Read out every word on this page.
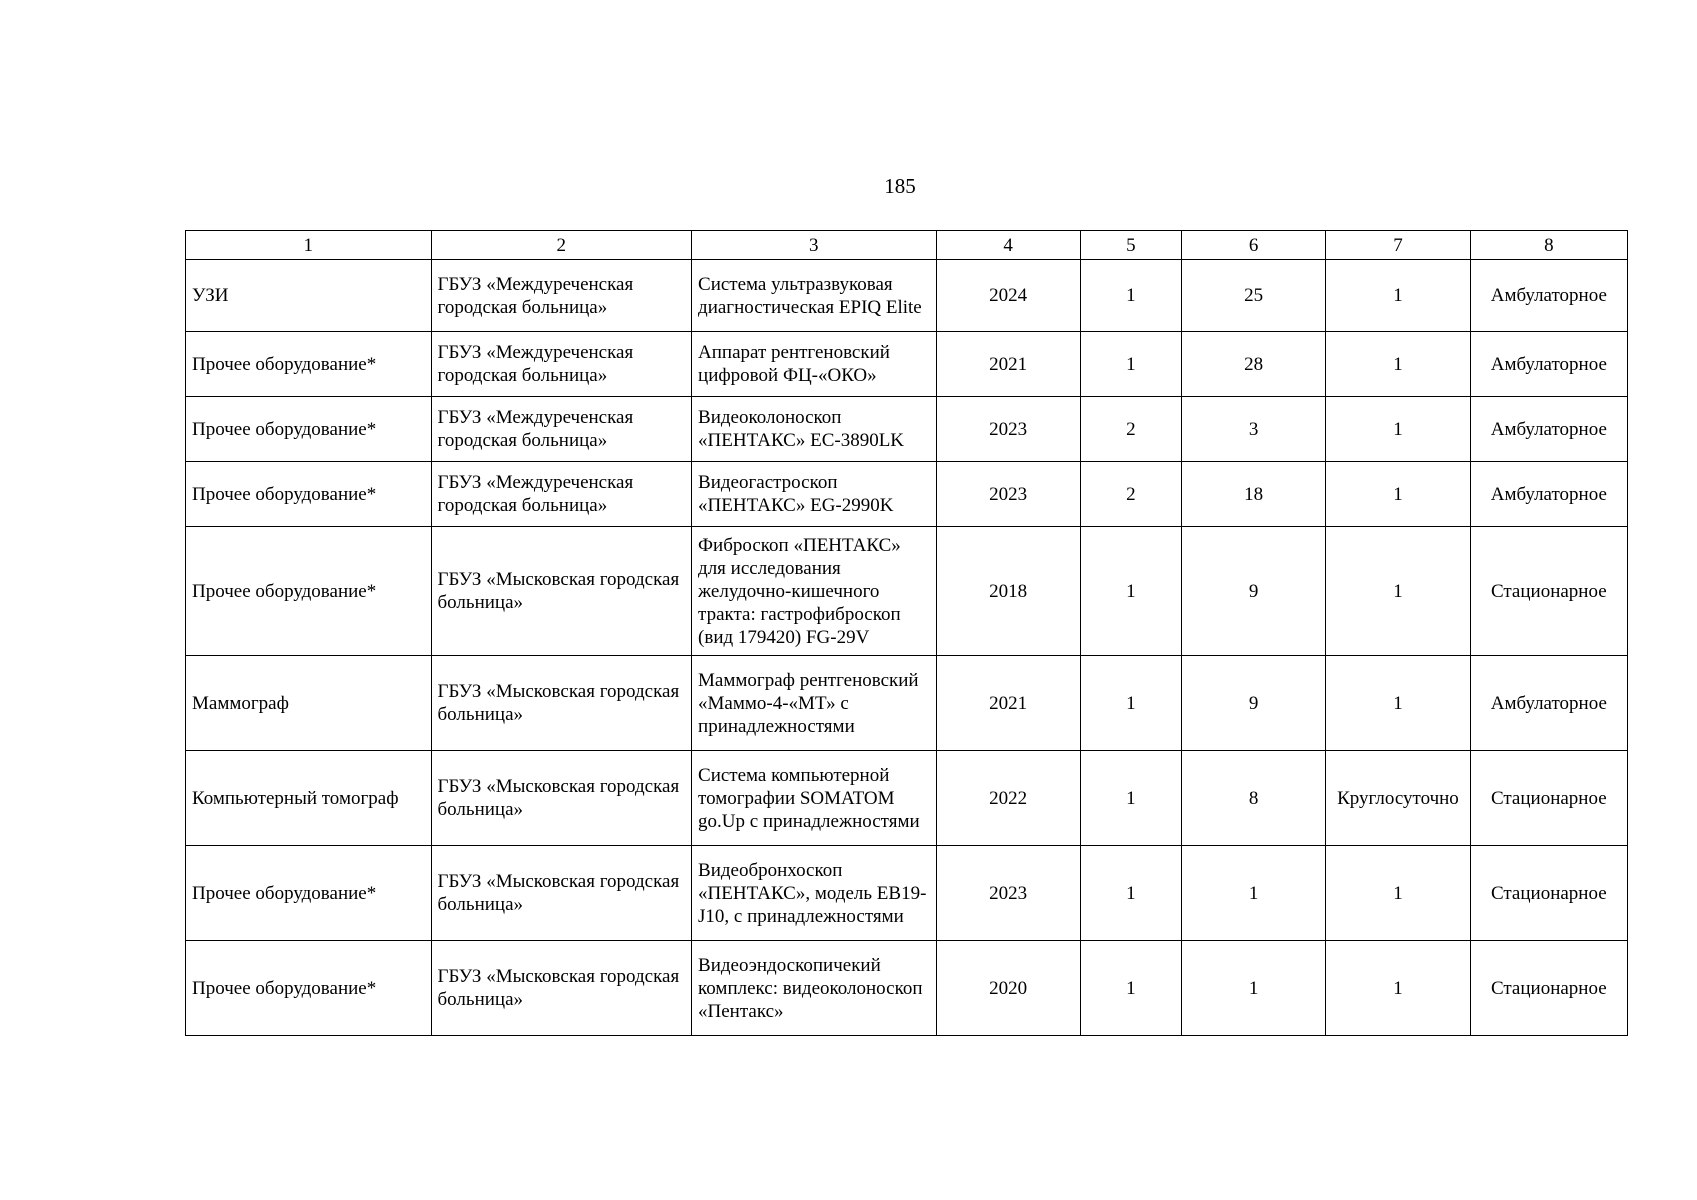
185
1	2	3	4	5	6	7	8
УЗИ	ГБУЗ «Междуреченская городская больница»	Система ультразвуковая диагностическая EPIQ Elite	2024	1	25	1	Амбулаторное
Прочее оборудование*	ГБУЗ «Междуреченская городская больница»	Аппарат рентгеновский цифровой ФЦ-«ОКО»	2021	1	28	1	Амбулаторное
Прочее оборудование*	ГБУЗ «Междуреченская городская больница»	Видеоколоноскоп «ПЕНТАКС» EC-3890LK	2023	2	3	1	Амбулаторное
Прочее оборудование*	ГБУЗ «Междуреченская городская больница»	Видеогастроскоп «ПЕНТАКС» EG-2990K	2023	2	18	1	Амбулаторное
Прочее оборудование*	ГБУЗ «Мысковская городская больница»	Фиброскоп «ПЕНТАКС» для исследования желудочно-кишечного тракта: гастрофиброскоп (вид 179420) FG-29V	2018	1	9	1	Стационарное
Маммограф	ГБУЗ «Мысковская городская больница»	Маммограф рентгеновский «Маммо-4-«МТ» с принадлежностями	2021	1	9	1	Амбулаторное
Компьютерный томограф	ГБУЗ «Мысковская городская больница»	Система компьютерной томографии SOMATOM go.Up с принадлежностями	2022	1	8	Круглосуточно	Стационарное
Прочее оборудование*	ГБУЗ «Мысковская городская больница»	Видеобронхоскоп «ПЕНТАКС», модель EB19-J10, с принадлежностями	2023	1	1	1	Стационарное
Прочее оборудование*	ГБУЗ «Мысковская городская больница»	Видеоэндоскопичекий комплекс: видеоколоноскоп «Пентакс»	2020	1	1	1	Стационарное
